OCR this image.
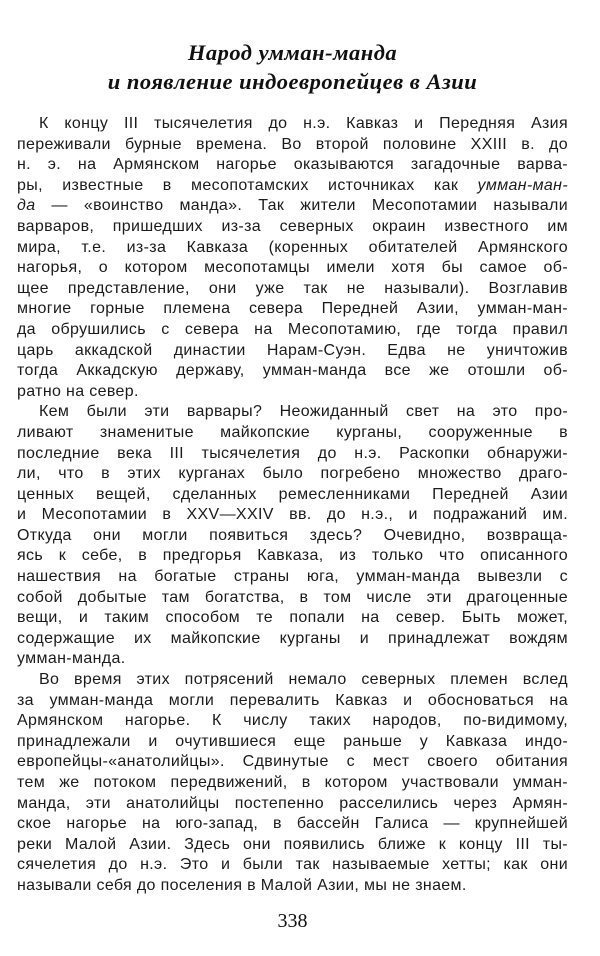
Народ умман-манда
и появление индоевропейцев в Азии
К концу III тысячелетия до н.э. Кавказ и Передняя Азия
переживали бурные времена. Во второй половине XXIII в. до
н. э. на Армянском нагорье оказываются загадочные варва-
ры, известные в месопотамских источниках как умман-ман-
да — «воинство манда». Так жители Месопотамии называли
варваров, пришедших из-за северных окраин известного им
мира, т.е. из-за Кавказа (коренных обитателей Армянского
нагорья, о котором месопотамцы имели хотя бы самое об-
щее представление, они уже так не называли). Возглавив
многие горные племена севера Передней Азии, умман-ман-
да обрушились с севера на Месопотамию, где тогда правил
царь аккадской династии Нарам-Суэн. Едва не уничтожив
тогда Аккадскую державу, умман-манда все же отошли об-
ратно на север.
Кем были эти варвары? Неожиданный свет на это про-
ливают знаменитые майкопские курганы, сооруженные в
последние века III тысячелетия до н.э. Раскопки обнаружи-
ли, что в этих курганах было погребено множество драго-
ценных вещей, сделанных ремесленниками Передней Азии
и Месопотамии в XXV—XXIV вв. до н.э., и подражаний им.
Откуда они могли появиться здесь? Очевидно, возвраща-
ясь к себе, в предгорья Кавказа, из только что описанного
нашествия на богатые страны юга, умман-манда вывезли с
собой добытые там богатства, в том числе эти драгоценные
вещи, и таким способом те попали на север. Быть может,
содержащие их майкопские курганы и принадлежат вождям
умман-манда.
Во время этих потрясений немало северных племен вслед
за умман-манда могли перевалить Кавказ и обосноваться на
Армянском нагорье. К числу таких народов, по-видимому,
принадлежали и очутившиеся еще раньше у Кавказа индо-
европейцы-«анатолийцы». Сдвинутые с мест своего обитания
тем же потоком передвижений, в котором участвовали умман-
манда, эти анатолийцы постепенно расселились через Армян-
ское нагорье на юго-запад, в бассейн Галиса — крупнейшей
реки Малой Азии. Здесь они появились ближе к концу III ты-
сячелетия до н.э. Это и были так называемые хетты; как они
называли себя до поселения в Малой Азии, мы не знаем.
338
